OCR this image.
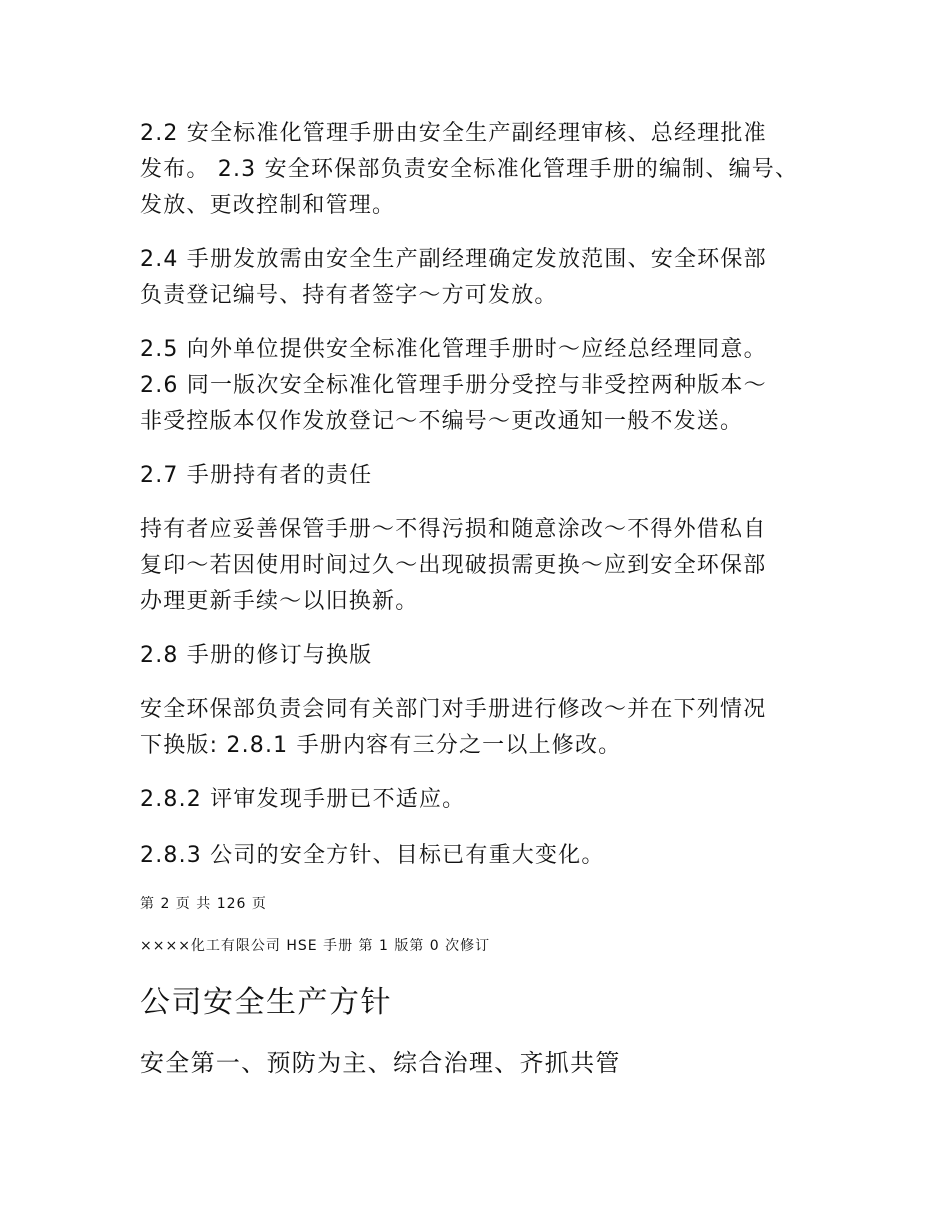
2.2 安全标准化管理手册由安全生产副经理审核、总经理批准
发布。 2.3 安全环保部负责安全标准化管理手册的编制、编号、
发放、更改控制和管理。
2.4 手册发放需由安全生产副经理确定发放范围、安全环保部
负责登记编号、持有者签字～方可发放。
2.5 向外单位提供安全标准化管理手册时～应经总经理同意。
2.6 同一版次安全标准化管理手册分受控与非受控两种版本～
非受控版本仅作发放登记～不编号～更改通知一般不发送。
2.7 手册持有者的责任
持有者应妥善保管手册～不得污损和随意涂改～不得外借私自
复印～若因使用时间过久～出现破损需更换～应到安全环保部
办理更新手续～以旧换新。
2.8 手册的修订与换版
安全环保部负责会同有关部门对手册进行修改～并在下列情况
下换版: 2.8.1 手册内容有三分之一以上修改。
2.8.2 评审发现手册已不适应。
2.8.3 公司的安全方针、目标已有重大变化。
第 2 页 共 126 页
××××化工有限公司 HSE 手册 第 1 版第 0 次修订
公司安全生产方针
安全第一、预防为主、综合治理、齐抓共管
